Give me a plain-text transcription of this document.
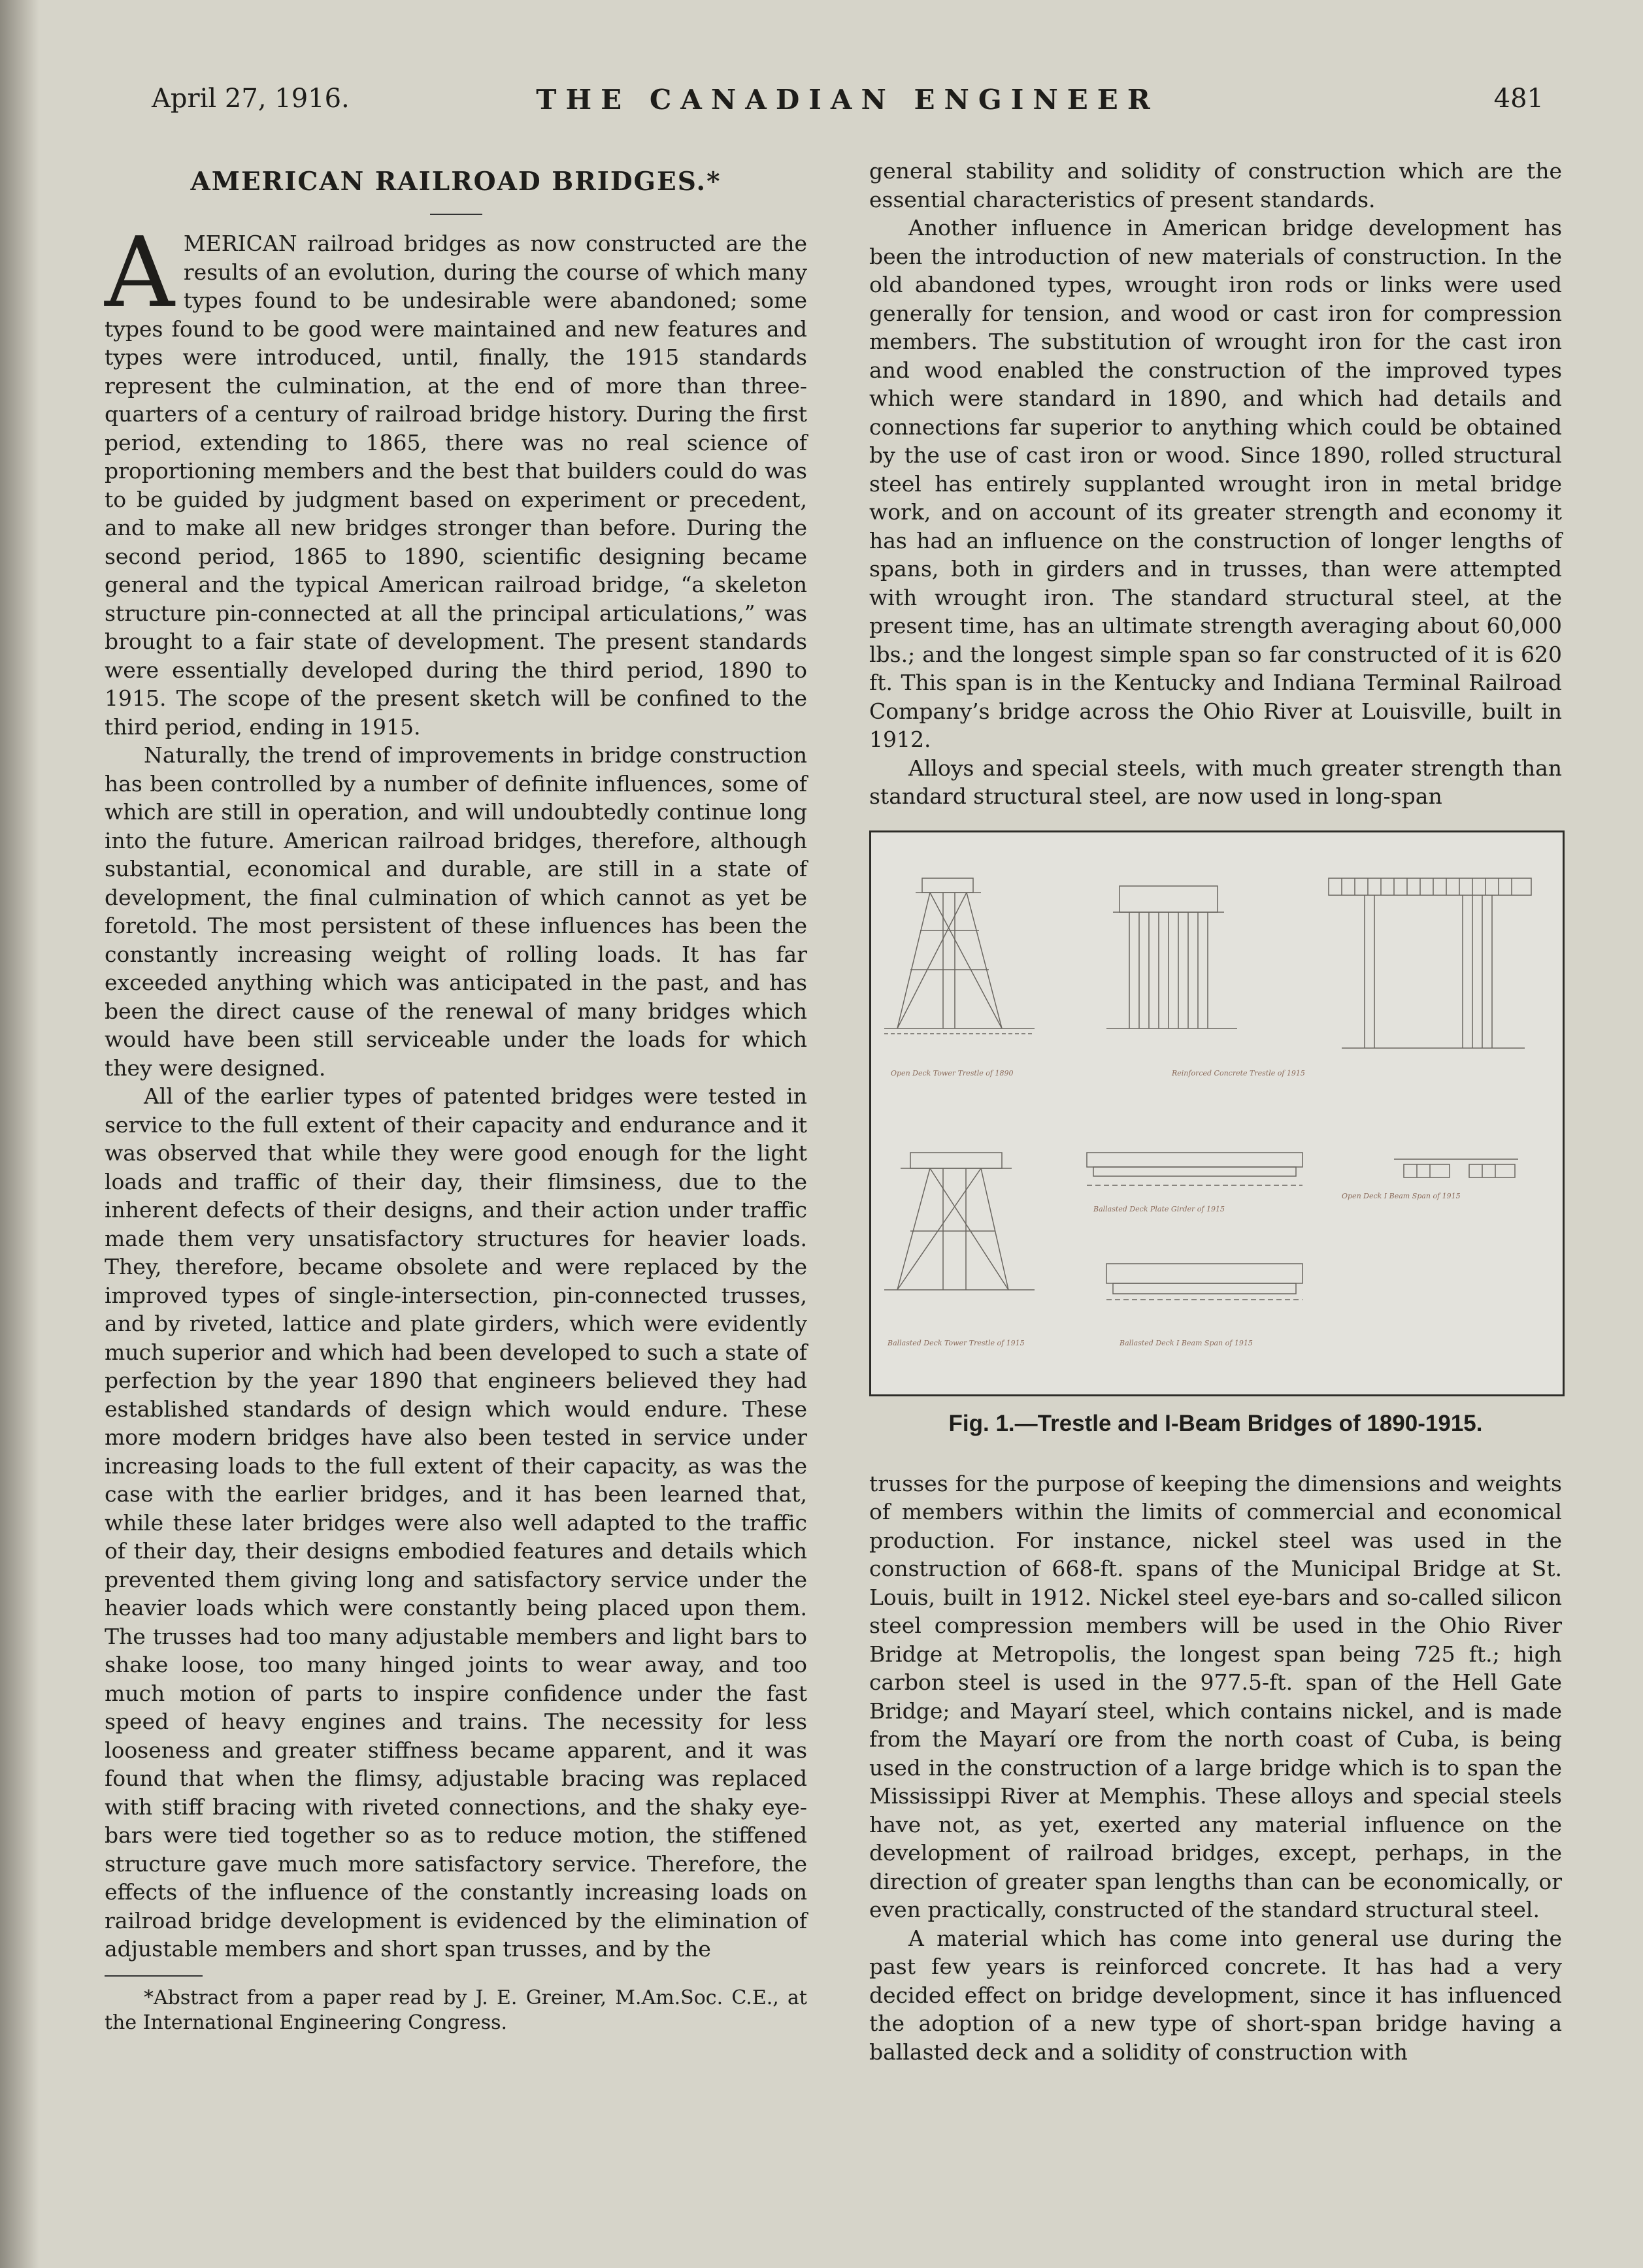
April 27, 1916.	THE CANADIAN ENGINEER	481
AMERICAN RAILROAD BRIDGES.*

AMERICAN railroad bridges as now constructed are the results of an evolution, during the course of which many types found to be undesirable were abandoned; some types found to be good were maintained and new features and types were introduced, until, finally, the 1915 standards represent the culmination, at the end of more than three-quarters of a century of railroad bridge history. During the first period, extending to 1865, there was no real science of proportioning members and the best that builders could do was to be guided by judgment based on experiment or precedent, and to make all new bridges stronger than before. During the second period, 1865 to 1890, scientific designing became general and the typical American railroad bridge, “a skeleton structure pin-connected at all the principal articulations,” was brought to a fair state of development. The present standards were essentially developed during the third period, 1890 to 1915. The scope of the present sketch will be confined to the third period, ending in 1915.

Naturally, the trend of improvements in bridge construction has been controlled by a number of definite influences, some of which are still in operation, and will undoubtedly continue long into the future. American railroad bridges, therefore, although substantial, economical and durable, are still in a state of development, the final culmination of which cannot as yet be foretold. The most persistent of these influences has been the constantly increasing weight of rolling loads. It has far exceeded anything which was anticipated in the past, and has been the direct cause of the renewal of many bridges which would have been still serviceable under the loads for which they were designed.

All of the earlier types of patented bridges were tested in service to the full extent of their capacity and endurance and it was observed that while they were good enough for the light loads and traffic of their day, their flimsiness, due to the inherent defects of their designs, and their action under traffic made them very unsatisfactory structures for heavier loads. They, therefore, became obsolete and were replaced by the improved types of single-intersection, pin-connected trusses, and by riveted, lattice and plate girders, which were evidently much superior and which had been developed to such a state of perfection by the year 1890 that engineers believed they had established standards of design which would endure. These more modern bridges have also been tested in service under increasing loads to the full extent of their capacity, as was the case with the earlier bridges, and it has been learned that, while these later bridges were also well adapted to the traffic of their day, their designs embodied features and details which prevented them giving long and satisfactory service under the heavier loads which were constantly being placed upon them. The trusses had too many adjustable members and light bars to shake loose, too many hinged joints to wear away, and too much motion of parts to inspire confidence under the fast speed of heavy engines and trains. The necessity for less looseness and greater stiffness became apparent, and it was found that when the flimsy, adjustable bracing was replaced with stiff bracing with riveted connections, and the shaky eye-bars were tied together so as to reduce motion, the stiffened structure gave much more satisfactory service. Therefore, the effects of the influence of the constantly increasing loads on railroad bridge development is evidenced by the elimination of adjustable members and short span trusses, and by the

*Abstract from a paper read by J. E. Greiner, M.Am.Soc. C.E., at the International Engineering Congress.

general stability and solidity of construction which are the essential characteristics of present standards.

Another influence in American bridge development has been the introduction of new materials of construction. In the old abandoned types, wrought iron rods or links were used generally for tension, and wood or cast iron for compression members. The substitution of wrought iron for the cast iron and wood enabled the construction of the improved types which were standard in 1890, and which had details and connections far superior to anything which could be obtained by the use of cast iron or wood. Since 1890, rolled structural steel has entirely supplanted wrought iron in metal bridge work, and on account of its greater strength and economy it has had an influence on the construction of longer lengths of spans, both in girders and in trusses, than were attempted with wrought iron. The standard structural steel, at the present time, has an ultimate strength averaging about 60,000 lbs.; and the longest simple span so far constructed of it is 620 ft. This span is in the Kentucky and Indiana Terminal Railroad Company’s bridge across the Ohio River at Louisville, built in 1912.

Alloys and special steels, with much greater strength than standard structural steel, are now used in long-span

Open Deck Tower Trestle of 1890	Reinforced Concrete Trestle of 1915
Ballasted Deck Plate Girder of 1915
Open Deck I Beam Span of 1915
Ballasted Deck Tower Trestle of 1915	Ballasted Deck I Beam Span of 1915
Fig. 1.—Trestle and I-Beam Bridges of 1890-1915.

trusses for the purpose of keeping the dimensions and weights of members within the limits of commercial and economical production. For instance, nickel steel was used in the construction of 668-ft. spans of the Municipal Bridge at St. Louis, built in 1912. Nickel steel eye-bars and so-called silicon steel compression members will be used in the Ohio River Bridge at Metropolis, the longest span being 725 ft.; high carbon steel is used in the 977.5-ft. span of the Hell Gate Bridge; and Mayarí steel, which contains nickel, and is made from the Mayarí ore from the north coast of Cuba, is being used in the construction of a large bridge which is to span the Mississippi River at Memphis. These alloys and special steels have not, as yet, exerted any material influence on the development of railroad bridges, except, perhaps, in the direction of greater span lengths than can be economically, or even practically, constructed of the standard structural steel.

A material which has come into general use during the past few years is reinforced concrete. It has had a very decided effect on bridge development, since it has influenced the adoption of a new type of short-span bridge having a ballasted deck and a solidity of construction with
